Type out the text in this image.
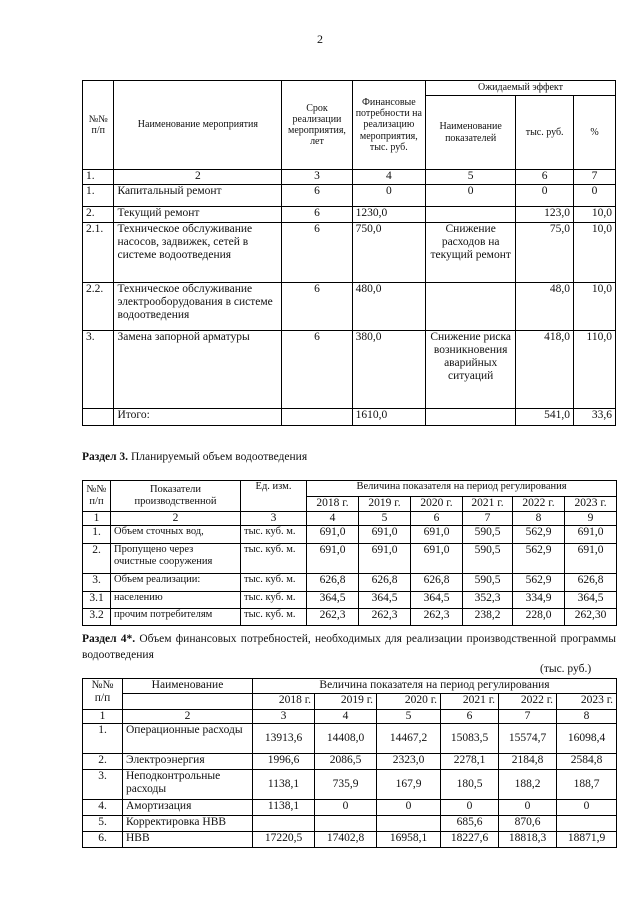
2
№№ п/п	Наименование мероприятия	Срок реализации мероприятия, лет	Финансовые потребности на реализацию мероприятия, тыс. руб.	Ожидаемый эффект		
				Наименование показателей	тыс. руб.	%
1.	2	3	4	5	6	7
1.	Капитальный ремонт	6	0	0	0	0
2.	Текущий ремонт	6	1230,0		123,0	10,0
2.1.	Техническое обслуживание насосов, задвижек, сетей в системе водоотведения	6	750,0	Снижение расходов на текущий ремонт	75,0	10,0
2.2.	Техническое обслуживание электрооборудования в системе водоотведения	6	480,0		48,0	10,0
3.	Замена запорной арматуры	6	380,0	Снижение риска возникновения аварийных ситуаций	418,0	110,0
	Итого:		1610,0		541,0	33,6
Раздел 3. Планируемый объем водоотведения
№№ п/п	Показатели производственной	Ед. изм.	Величина показателя на период регулирования					
			2018 г.	2019 г.	2020 г.	2021 г.	2022 г.	2023 г.
1	2	3	4	5	6	7	8	9
1.	Объем сточных вод,	тыс. куб. м.	691,0	691,0	691,0	590,5	562,9	691,0
2.	Пропущено через очистные сооружения	тыс. куб. м.	691,0	691,0	691,0	590,5	562,9	691,0
3.	Объем реализации:	тыс. куб. м.	626,8	626,8	626,8	590,5	562,9	626,8
3.1	населению	тыс. куб. м.	364,5	364,5	364,5	352,3	334,9	364,5
3.2	прочим потребителям	тыс. куб. м.	262,3	262,3	262,3	238,2	228,0	262,30
Раздел 4*. Объем финансовых потребностей, необходимых для реализации производственной программы водоотведения
(тыс. руб.)
№№ п/п	Наименование	Величина показателя на период регулирования					
		2018 г.	2019 г.	2020 г.	2021 г.	2022 г.	2023 г.
1	2	3	4	5	6	7	8
1.	Операционные расходы	13913,6	14408,0	14467,2	15083,5	15574,7	16098,4
2.	Электроэнергия	1996,6	2086,5	2323,0	2278,1	2184,8	2584,8
3.	Неподконтрольные расходы	1138,1	735,9	167,9	180,5	188,2	188,7
4.	Амортизация	1138,1	0	0	0	0	0
5.	Корректировка НВВ				685,6	870,6	
6.	НВВ	17220,5	17402,8	16958,1	18227,6	18818,3	18871,9
